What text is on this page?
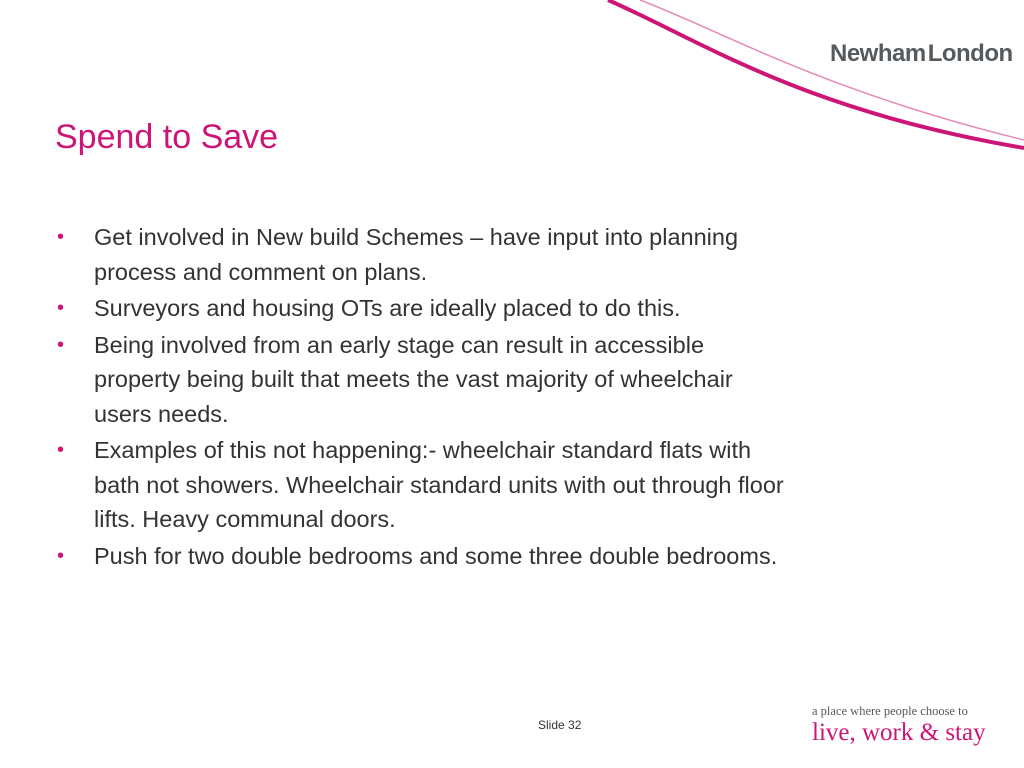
NewhamLondon
Spend to Save
• Get involved in New build Schemes – have input into planning process and comment on plans.
• Surveyors and housing OTs are ideally placed to do this.
• Being involved from an early stage can result in accessible property being built that meets the vast majority of wheelchair users needs.
• Examples of this not happening:- wheelchair standard flats with bath not showers. Wheelchair standard units with out through floor lifts. Heavy communal doors.
• Push for two double bedrooms and some three double bedrooms.
Slide 32
a place where people choose to
live, work & stay
